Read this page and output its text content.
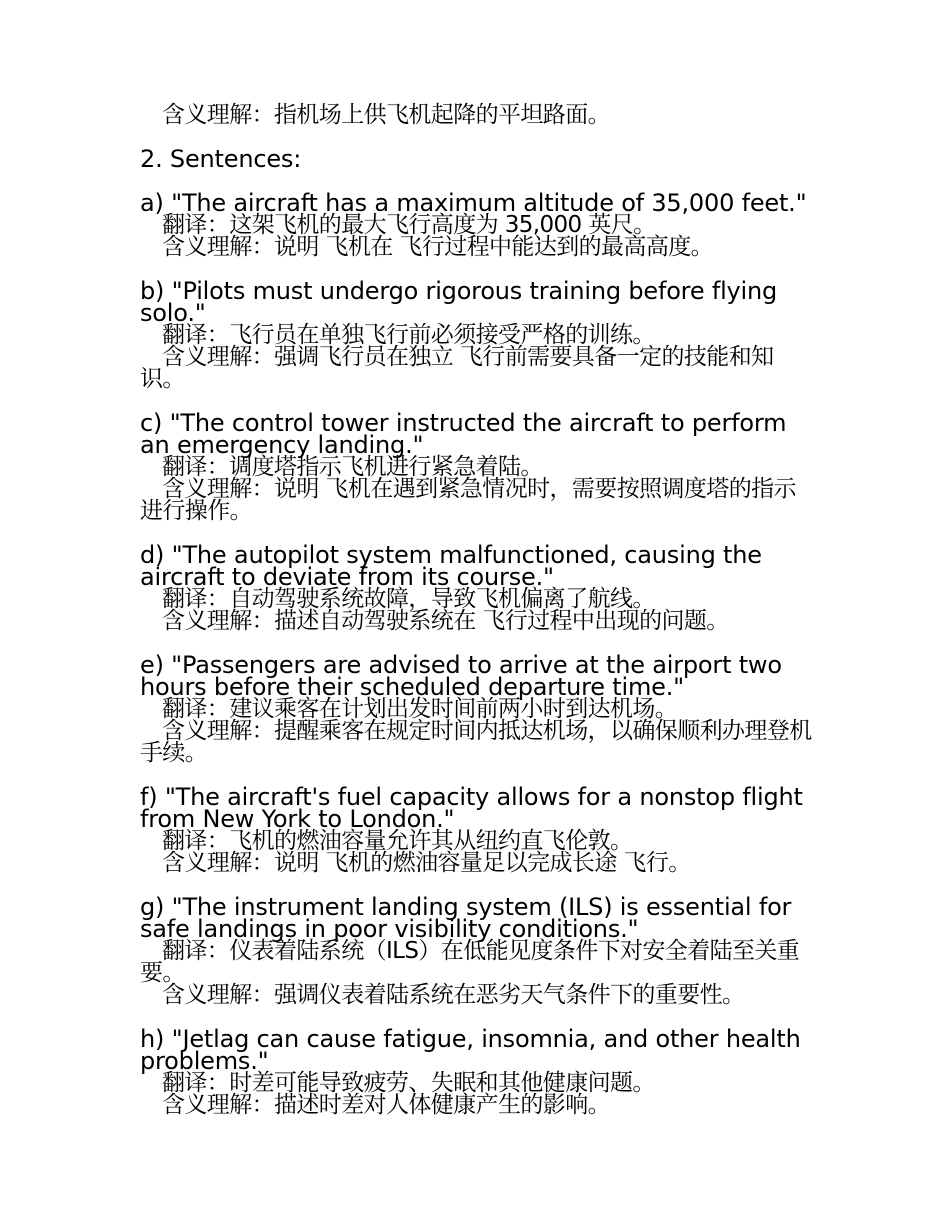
含义理解：指机场上供飞机起降的平坦路面。
2. Sentences:
a) "The aircraft has a maximum altitude of 35,000 feet."
翻译：这架飞机的最大飞行高度为 35,000 英尺。
含义理解：说明 飞机在 飞行过程中能达到的最高高度。
b) "Pilots must undergo rigorous training before flying solo."
翻译：飞行员在单独飞行前必须接受严格的训练。
含义理解：强调飞行员在独立 飞行前需要具备一定的技能和知识。
c) "The control tower instructed the aircraft to perform an emergency landing."
翻译：调度塔指示飞机进行紧急着陆。
含义理解：说明 飞机在遇到紧急情况时，需要按照调度塔的指示进行操作。
d) "The autopilot system malfunctioned, causing the aircraft to deviate from its course."
翻译：自动驾驶系统故障，导致飞机偏离了航线。
含义理解：描述自动驾驶系统在 飞行过程中出现的问题。
e) "Passengers are advised to arrive at the airport two hours before their scheduled departure time."
翻译：建议乘客在计划出发时间前两小时到达机场。
含义理解：提醒乘客在规定时间内抵达机场，以确保顺利办理登机手续。
f) "The aircraft's fuel capacity allows for a nonstop flight from New York to London."
翻译：飞机的燃油容量允许其从纽约直飞伦敦。
含义理解：说明 飞机的燃油容量足以完成长途 飞行。
g) "The instrument landing system (ILS) is essential for safe landings in poor visibility conditions."
翻译：仪表着陆系统（ILS）在低能见度条件下对安全着陆至关重要。
含义理解：强调仪表着陆系统在恶劣天气条件下的重要性。
h) "Jetlag can cause fatigue, insomnia, and other health problems."
翻译：时差可能导致疲劳、失眠和其他健康问题。
含义理解：描述时差对人体健康产生的影响。
